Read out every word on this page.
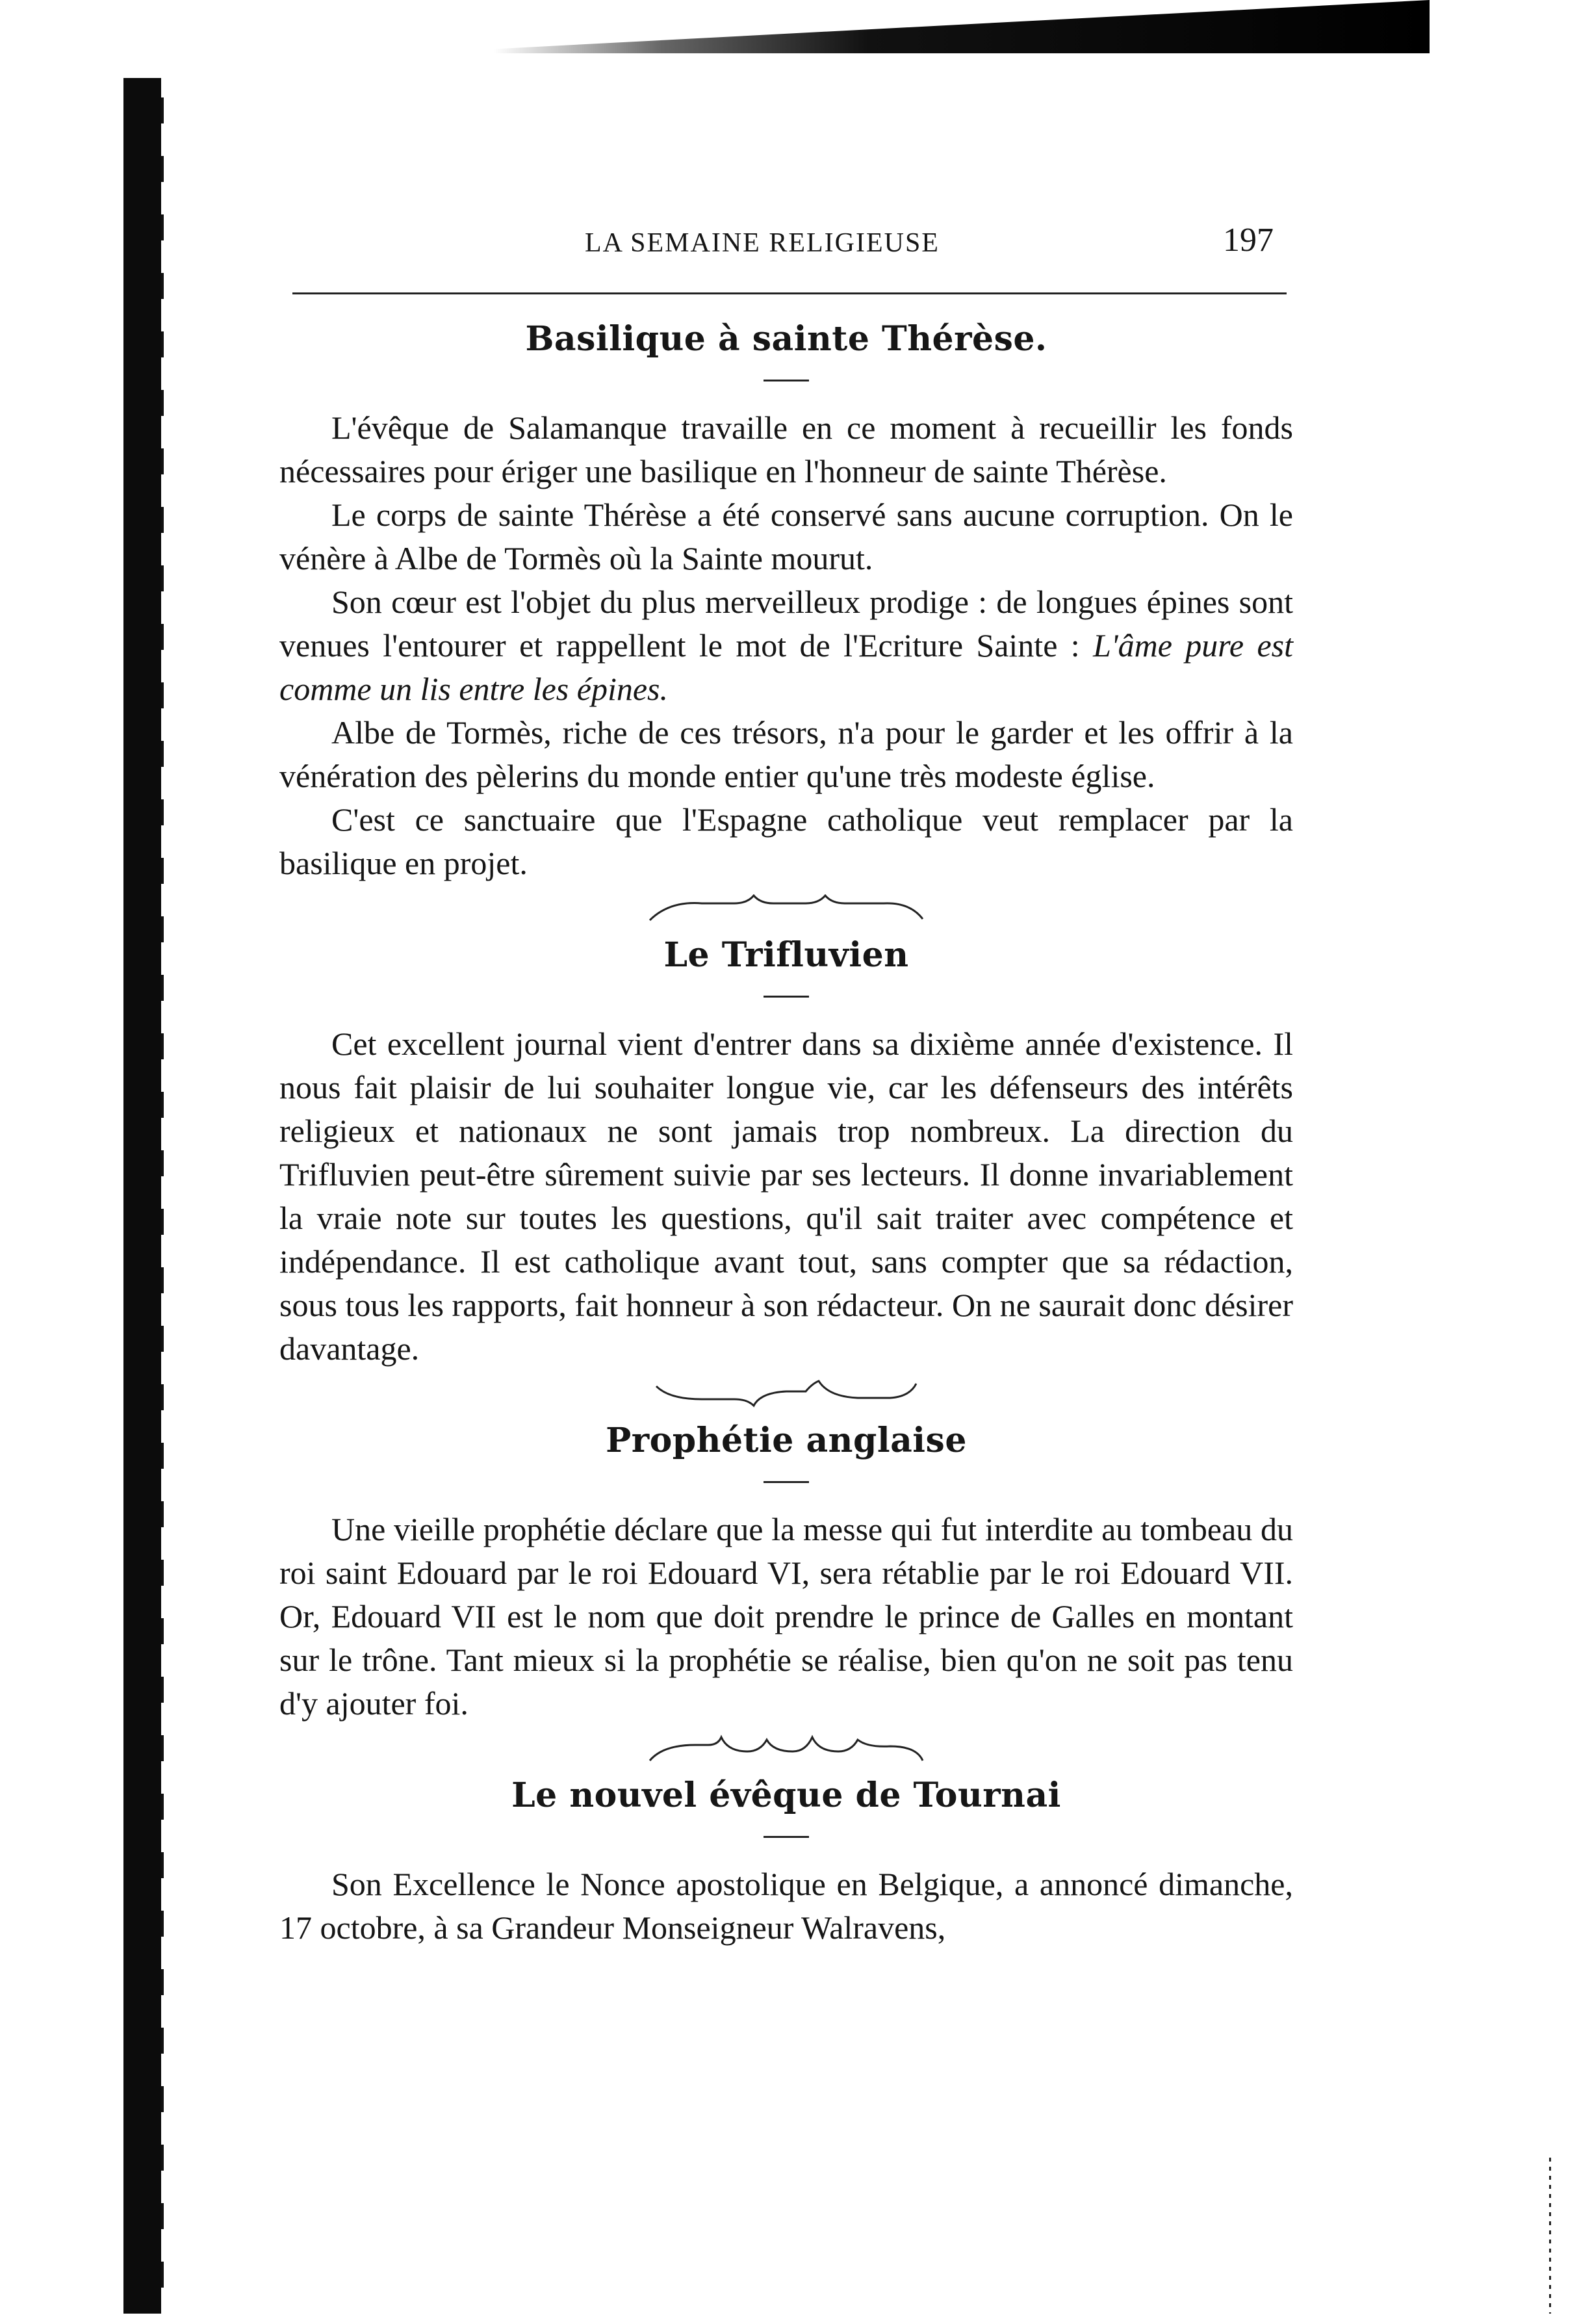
LA SEMAINE RELIGIEUSE	197
Basilique à sainte Thérèse.

L'évêque de Salamanque travaille en ce moment à recueillir les fonds nécessaires pour ériger une basilique en l'honneur de sainte Thérèse.

Le corps de sainte Thérèse a été conservé sans aucune corruption. On le vénère à Albe de Tormès où la Sainte mourut.

Son cœur est l'objet du plus merveilleux prodige : de longues épines sont venues l'entourer et rappellent le mot de l'Ecriture Sainte : L'âme pure est comme un lis entre les épines.

Albe de Tormès, riche de ces trésors, n'a pour le garder et les offrir à la vénération des pèlerins du monde entier qu'une très modeste église.

C'est ce sanctuaire que l'Espagne catholique veut remplacer par la basilique en projet.

Le Trifluvien

Cet excellent journal vient d'entrer dans sa dixième année d'existence. Il nous fait plaisir de lui souhaiter longue vie, car les défenseurs des intérêts religieux et nationaux ne sont jamais trop nombreux. La direction du Trifluvien peut-être sûrement suivie par ses lecteurs. Il donne invariablement la vraie note sur toutes les questions, qu'il sait traiter avec compétence et indépendance. Il est catholique avant tout, sans compter que sa rédaction, sous tous les rapports, fait honneur à son rédacteur. On ne saurait donc désirer davantage.

Prophétie anglaise

Une vieille prophétie déclare que la messe qui fut interdite au tombeau du roi saint Edouard par le roi Edouard VI, sera rétablie par le roi Edouard VII. Or, Edouard VII est le nom que doit prendre le prince de Galles en montant sur le trône. Tant mieux si la prophétie se réalise, bien qu'on ne soit pas tenu d'y ajouter foi.

Le nouvel évêque de Tournai

Son Excellence le Nonce apostolique en Belgique, a annoncé dimanche, 17 octobre, à sa Grandeur Monseigneur Walravens,
